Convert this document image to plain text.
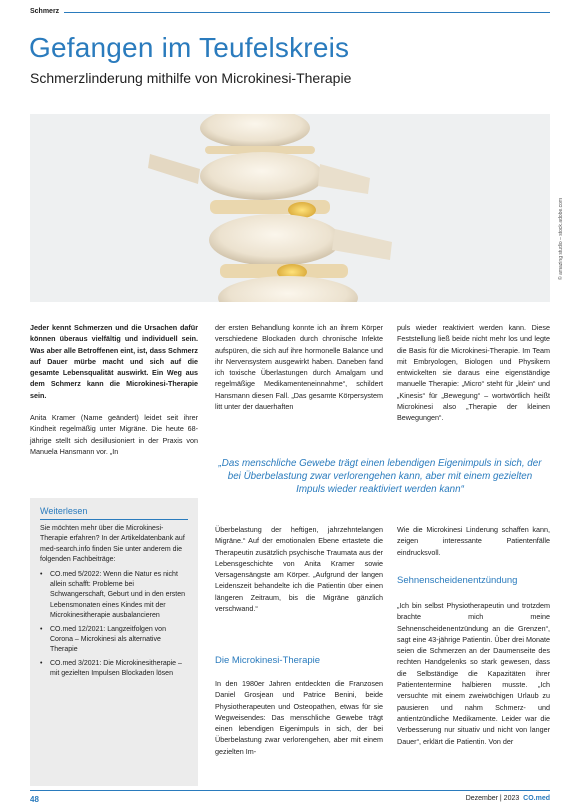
Schmerz
Gefangen im Teufelskreis
Schmerzlinderung mithilfe von Microkinesi-Therapie
© amazing studio – stock.adobe.com

Jeder kennt Schmerzen und die Ursachen dafür können überaus vielfältig und individuell sein. Was aber alle Betroffenen eint, ist, dass Schmerz auf Dauer mürbe macht und sich auf die gesamte Lebensqualität auswirkt. Ein Weg aus dem Schmerz kann die Microkinesi-Therapie sein.

Anita Kramer (Name geändert) leidet seit ihrer Kindheit regelmäßig unter Migräne. Die heute 68-jährige stellt sich desillusioniert in der Praxis von Manuela Hansmann vor. „In

der ersten Behandlung konnte ich an ihrem Körper verschiedene Blockaden durch chronische Infekte aufspüren, die sich auf ihre hormonelle Balance und ihr Nervensystem ausgewirkt haben. Daneben fand ich toxische Überlastungen durch Amalgam und regelmäßige Medikamenteneinnahme“, schildert Hansmann diesen Fall. „Das gesamte Körpersystem litt unter der dauerhaften

puls wieder reaktiviert werden kann. Diese Feststellung ließ beide nicht mehr los und legte die Basis für die Microkinesi-Therapie. Im Team mit Embryologen, Biologen und Physikern entwickelten sie daraus eine eigenständige manuelle Therapie: „Micro“ steht für „klein“ und „Kinesis“ für „Bewegung“ – wortwörtlich heißt Microkinesi also „Therapie der kleinen Bewegungen“.

„Das menschliche Gewebe trägt einen lebendigen Eigenimpuls in sich, der bei Überbelastung zwar verlorengehen kann, aber mit einem gezielten Impuls wieder reaktiviert werden kann“
Weiterlesen

Sie möchten mehr über die Microkinesi-Therapie erfahren? In der Artikeldatenbank auf med-search.info finden Sie unter anderem die folgenden Fachbeiträge:

• CO.med 5/2022: Wenn die Natur es nicht allein schafft: Probleme bei Schwangerschaft, Geburt und in den ersten Lebensmonaten eines Kindes mit der Microkinesitherapie ausbalancieren
• CO.med 12/2021: Langzeitfolgen von Corona – Microkinesi als alternative Therapie
• CO.med 3/2021: Die Microkinesitherapie – mit gezielten Impulsen Blockaden lösen

Überbelastung der heftigen, jahrzehntelangen Migräne.“ Auf der emotionalen Ebene ertastete die Therapeutin zusätzlich psychische Traumata aus der Lebensgeschichte von Anita Kramer sowie Versagensängste am Körper. „Aufgrund der langen Leidenszeit behandelte ich die Patientin über einen längeren Zeitraum, bis die Migräne gänzlich verschwand.“

Die Microkinesi-Therapie

In den 1980er Jahren entdeckten die Franzosen Daniel Grosjean und Patrice Benini, beide Physiotherapeuten und Osteopathen, etwas für sie Wegweisendes: Das menschliche Gewebe trägt einen lebendigen Eigenimpuls in sich, der bei Überbelastung zwar verlorengehen, aber mit einem gezielten Im-

Wie die Microkinesi Linderung schaffen kann, zeigen interessante Patientenfälle eindrucksvoll.

Sehnenscheidenentzündung

„Ich bin selbst Physiotherapeutin und trotzdem brachte mich meine Sehnenscheidenentzündung an die Grenzen“, sagt eine 43-jährige Patientin. Über drei Monate seien die Schmerzen an der Daumenseite des rechten Handgelenks so stark gewesen, dass die Selbständige die Kapazitäten ihrer Patiententermine halbieren musste. „Ich versuchte mit einem zweiwöchigen Urlaub zu pausieren und nahm Schmerz- und antientzündliche Medikamente. Leider war die Verbesserung nur situativ und nicht von langer Dauer“, erklärt die Patientin. Von der

48	Dezember | 2023 CO.med
